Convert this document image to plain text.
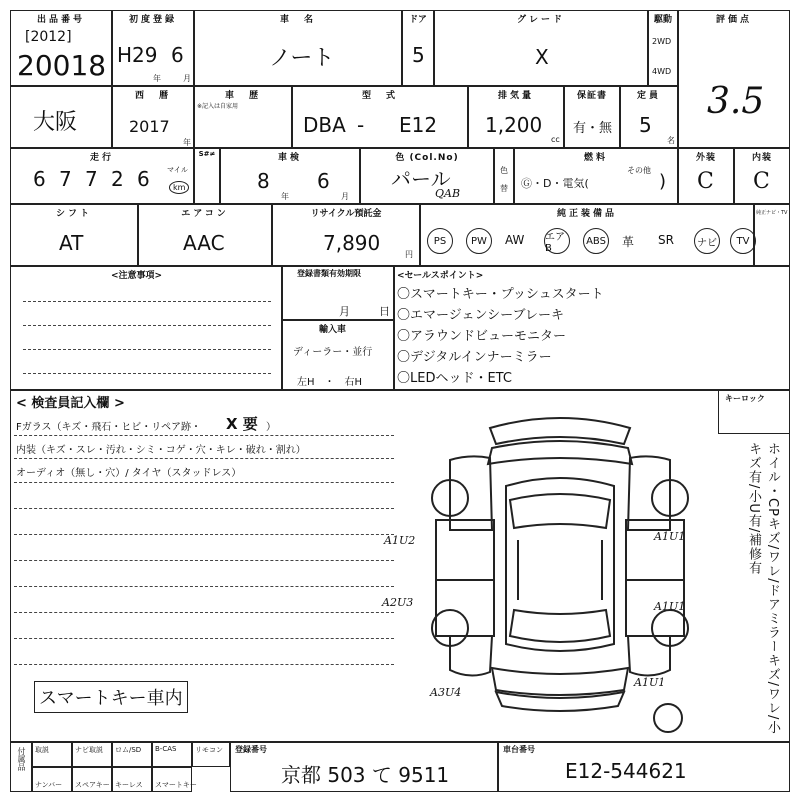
出品番号
[2012]
20018
初度登録
H29 6
年	月
車　名
ノート
ドア
5
グレード
X
駆動
2WD
4WD
評価点
3.5
大阪
西　暦
2017
年
車　歴
※記入は自家用
型　式
DBA - E12
排気量
1,200
cc
保証書
有・無
定員
5
名
走行
6 7 7 2 6 マイル
km
S#≠	車検
8
年
6
月
色 (Col.No)
パール
QAB
色
替
燃料
Ⓖ・D・電気(
その他
)
外装
C
内装
C
シフト
AT
エアコン
AAC
リサイクル預託金
7,890	円
純正装備品	純正ナビ・TV
PS	PW	AW エアB
ABS 革 SR	ナビ	TV
<注意事項>	登録書類有効期限
月	日
輸入車
ディーラー・並行
左H　・　右H
<セールスポイント>
〇スマートキー・プッシュスタート
〇エマージェンシーブレーキ
〇アラウンドビューモニター
〇デジタルインナーミラー
〇LEDヘッド・ETC
< 検査員記入欄 >
Fガラス（キズ・飛石・ヒビ・リペア跡・ X 要 ）
内装（キズ・スレ・汚れ・シミ・コゲ・穴・キレ・破れ・割れ）
オーディオ（無し・穴）/ タイヤ（スタッドレス）
スマートキー車内
キーロック
ホイル・CPキズ/ワレ/ドアミラーキズ/ワレ/小キズ有/小U有/補修有
A1U2	A1U1
A2U3	A1U1
A3U4
A1U1
付属品 取説	ナビ取説 ロム/SD B-CAS	リモコン
ナンバー スペアキー キーレス スマートキー
登録番号
京都 503 て 9511
車台番号
E12-544621
